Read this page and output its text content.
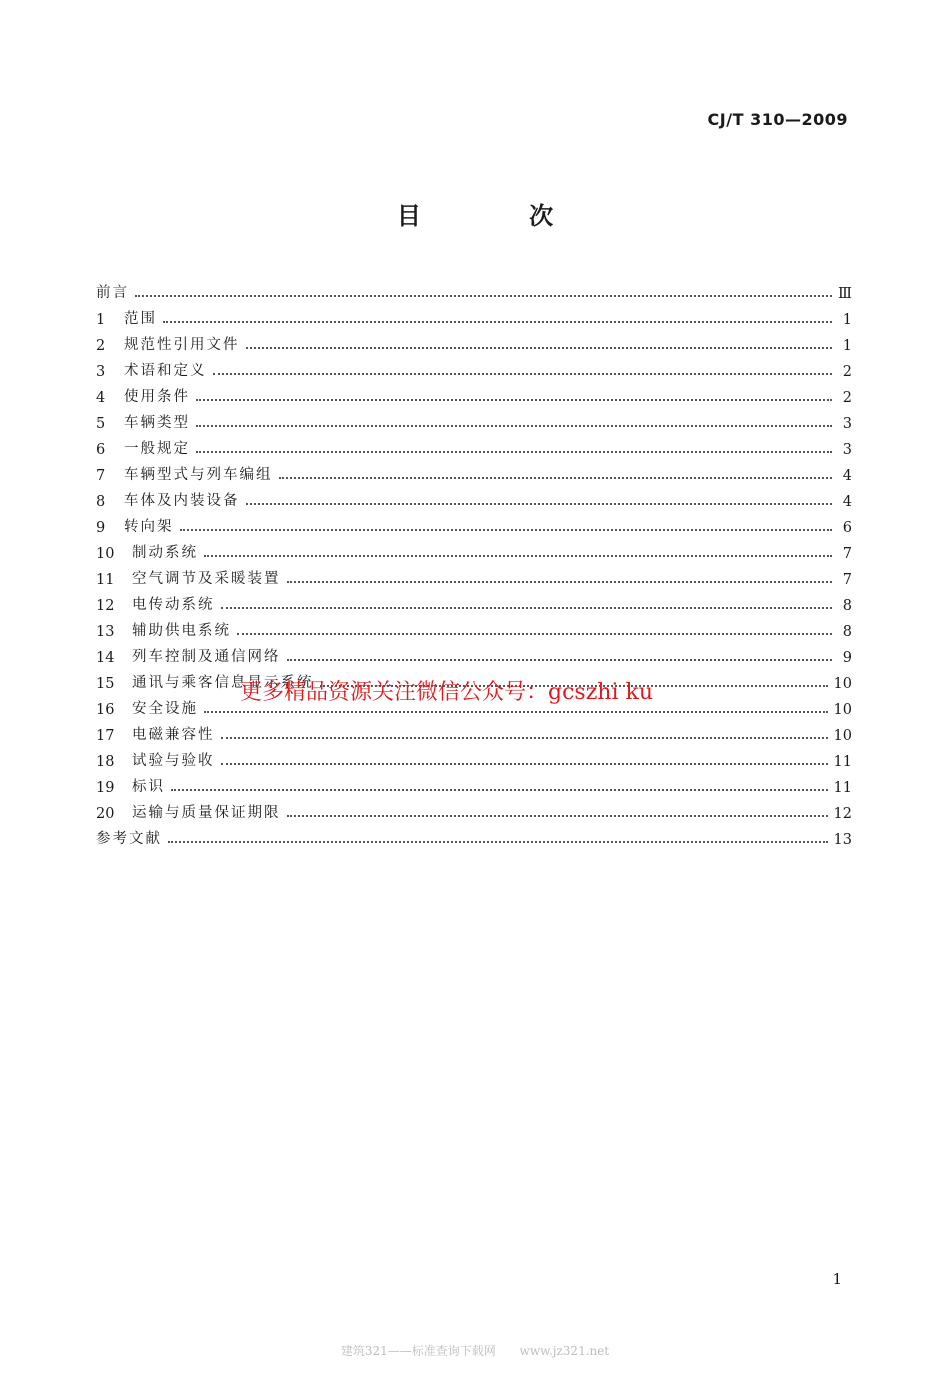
CJ/T 310—2009
目 次
前言	Ⅲ
1	范围	1
2	规范性引用文件	1
3	术语和定义	2
4	使用条件	2
5	车辆类型	3
6	一般规定	3
7	车辆型式与列车编组	4
8	车体及内装设备	4
9	转向架	6
10	制动系统	7
11	空气调节及采暖装置	7
12	电传动系统	8
13	辅助供电系统	8
14	列车控制及通信网络	9
15	通讯与乘客信息显示系统	10
16	安全设施	10
17	电磁兼容性	10
18	试验与验收	11
19	标识	11
20	运输与质量保证期限	12
参考文献	13
更多精品资源关注微信公众号：gcszhi ku
1
建筑321——标准查询下载网 www.jz321.net
